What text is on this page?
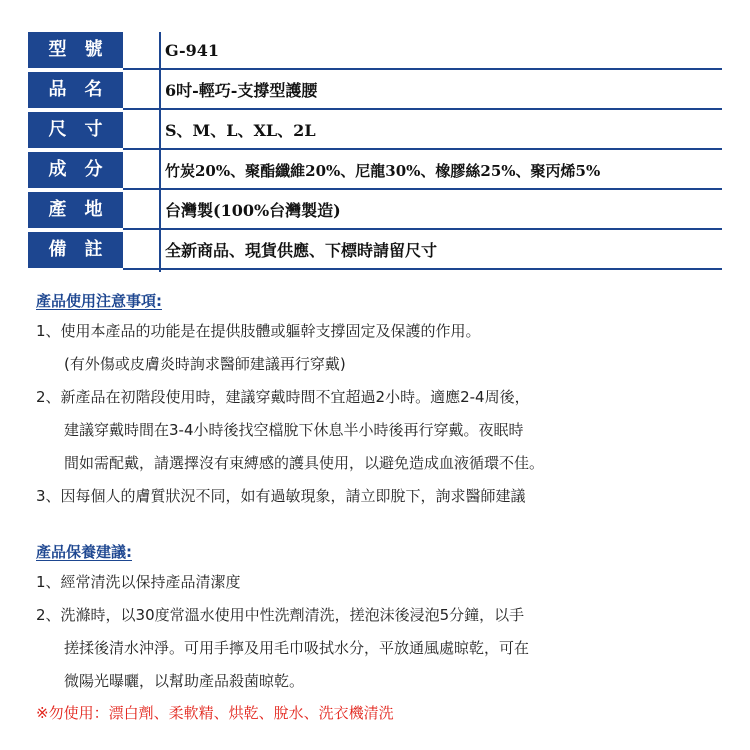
型號	G-941
品名	6吋-輕巧-支撐型護腰
尺寸	S、M、L、XL、2L
成分	竹炭20%、聚酯纖維20%、尼龍30%、橡膠絲25%、聚丙烯5%
產地	台灣製(100%台灣製造)
備註	全新商品、現貨供應、下標時請留尺寸
產品使用注意事項:
1、使用本產品的功能是在提供肢體或軀幹支撐固定及保護的作用。
(有外傷或皮膚炎時詢求醫師建議再行穿戴)
2、新產品在初階段使用時，建議穿戴時間不宜超過2小時。適應2-4周後，
建議穿戴時間在3-4小時後找空檔脫下休息半小時後再行穿戴。夜眠時
間如需配戴，請選擇沒有束縛感的護具使用，以避免造成血液循環不佳。
3、因每個人的膚質狀況不同，如有過敏現象，請立即脫下，詢求醫師建議
產品保養建議:
1、經常清洗以保持產品清潔度
2、洗滌時，以30度常溫水使用中性洗劑清洗，搓泡沫後浸泡5分鐘，以手
搓揉後清水沖淨。可用手擰及用毛巾吸拭水分，平放通風處晾乾，可在
微陽光曝曬，以幫助產品殺菌晾乾。
※勿使用：漂白劑、柔軟精、烘乾、脫水、洗衣機清洗
